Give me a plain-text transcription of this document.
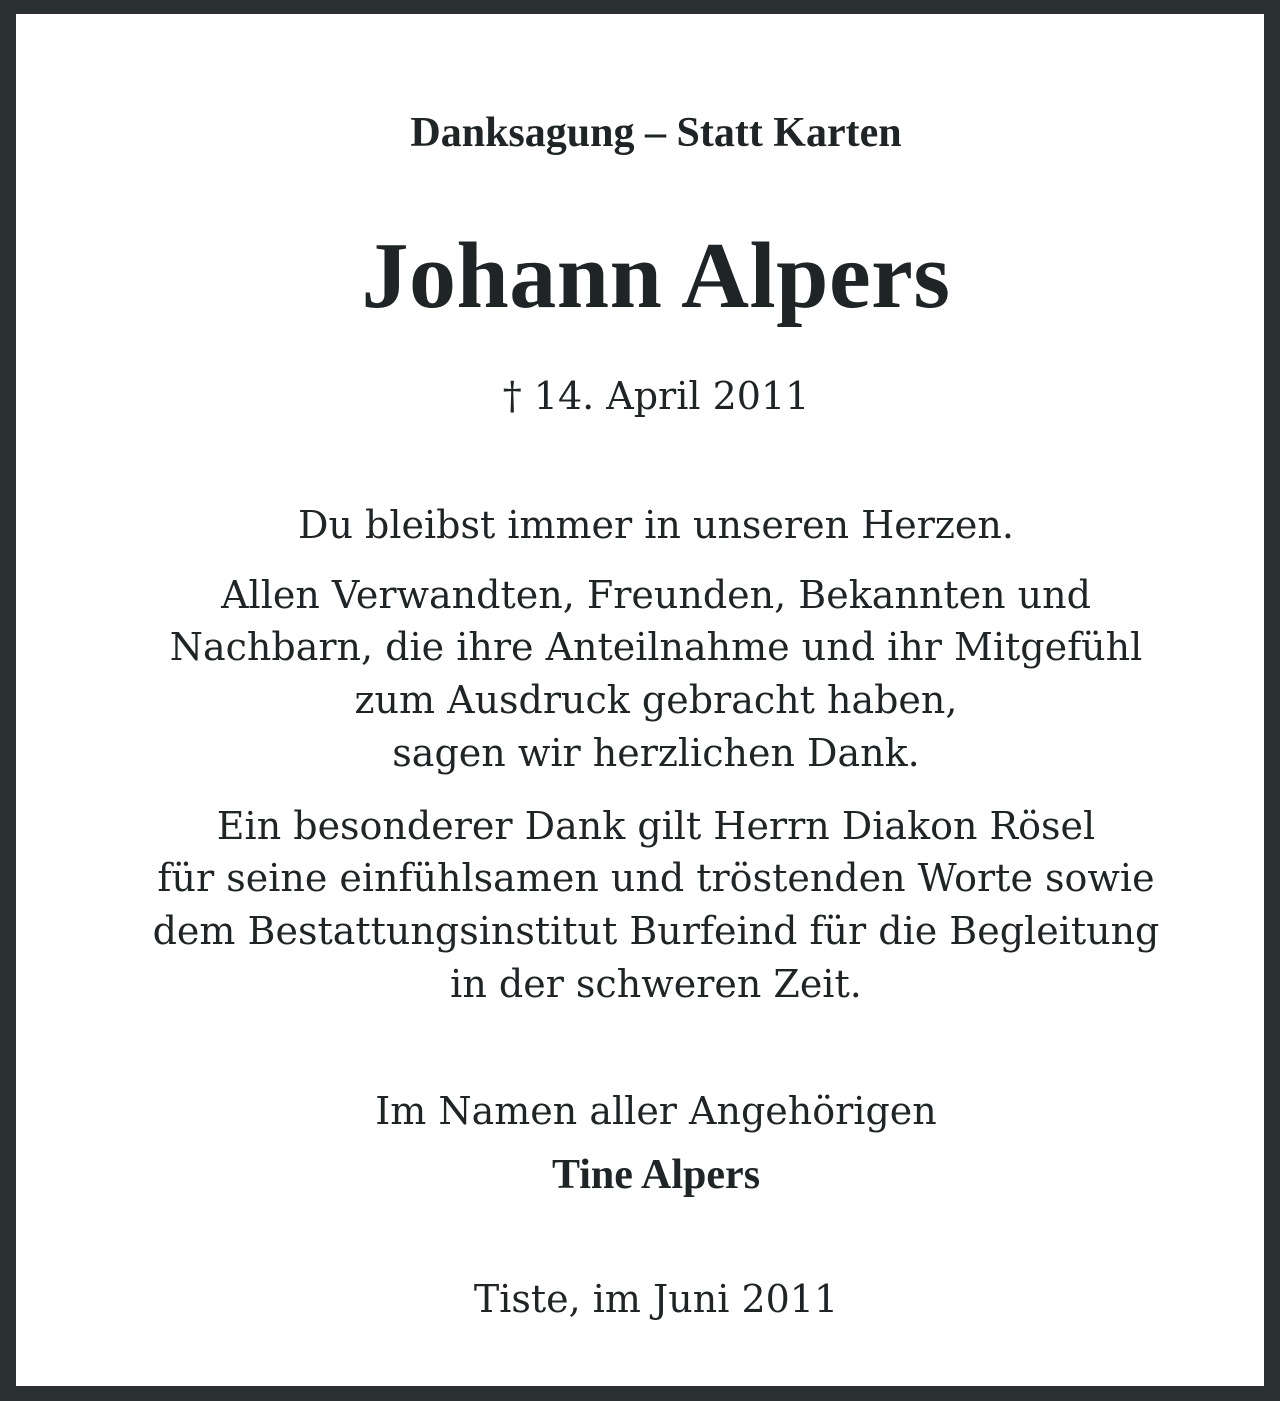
Danksagung – Statt Karten

Johann Alpers

† 14. April 2011

Du bleibst immer in unseren Herzen.

Allen Verwandten, Freunden, Bekannten und

Nachbarn, die ihre Anteilnahme und ihr Mitgefühl

zum Ausdruck gebracht haben,

sagen wir herzlichen Dank.

Ein besonderer Dank gilt Herrn Diakon Rösel

für seine einfühlsamen und tröstenden Worte sowie

dem Bestattungsinstitut Burfeind für die Begleitung

in der schweren Zeit.

Im Namen aller Angehörigen

Tine Alpers

Tiste, im Juni 2011
